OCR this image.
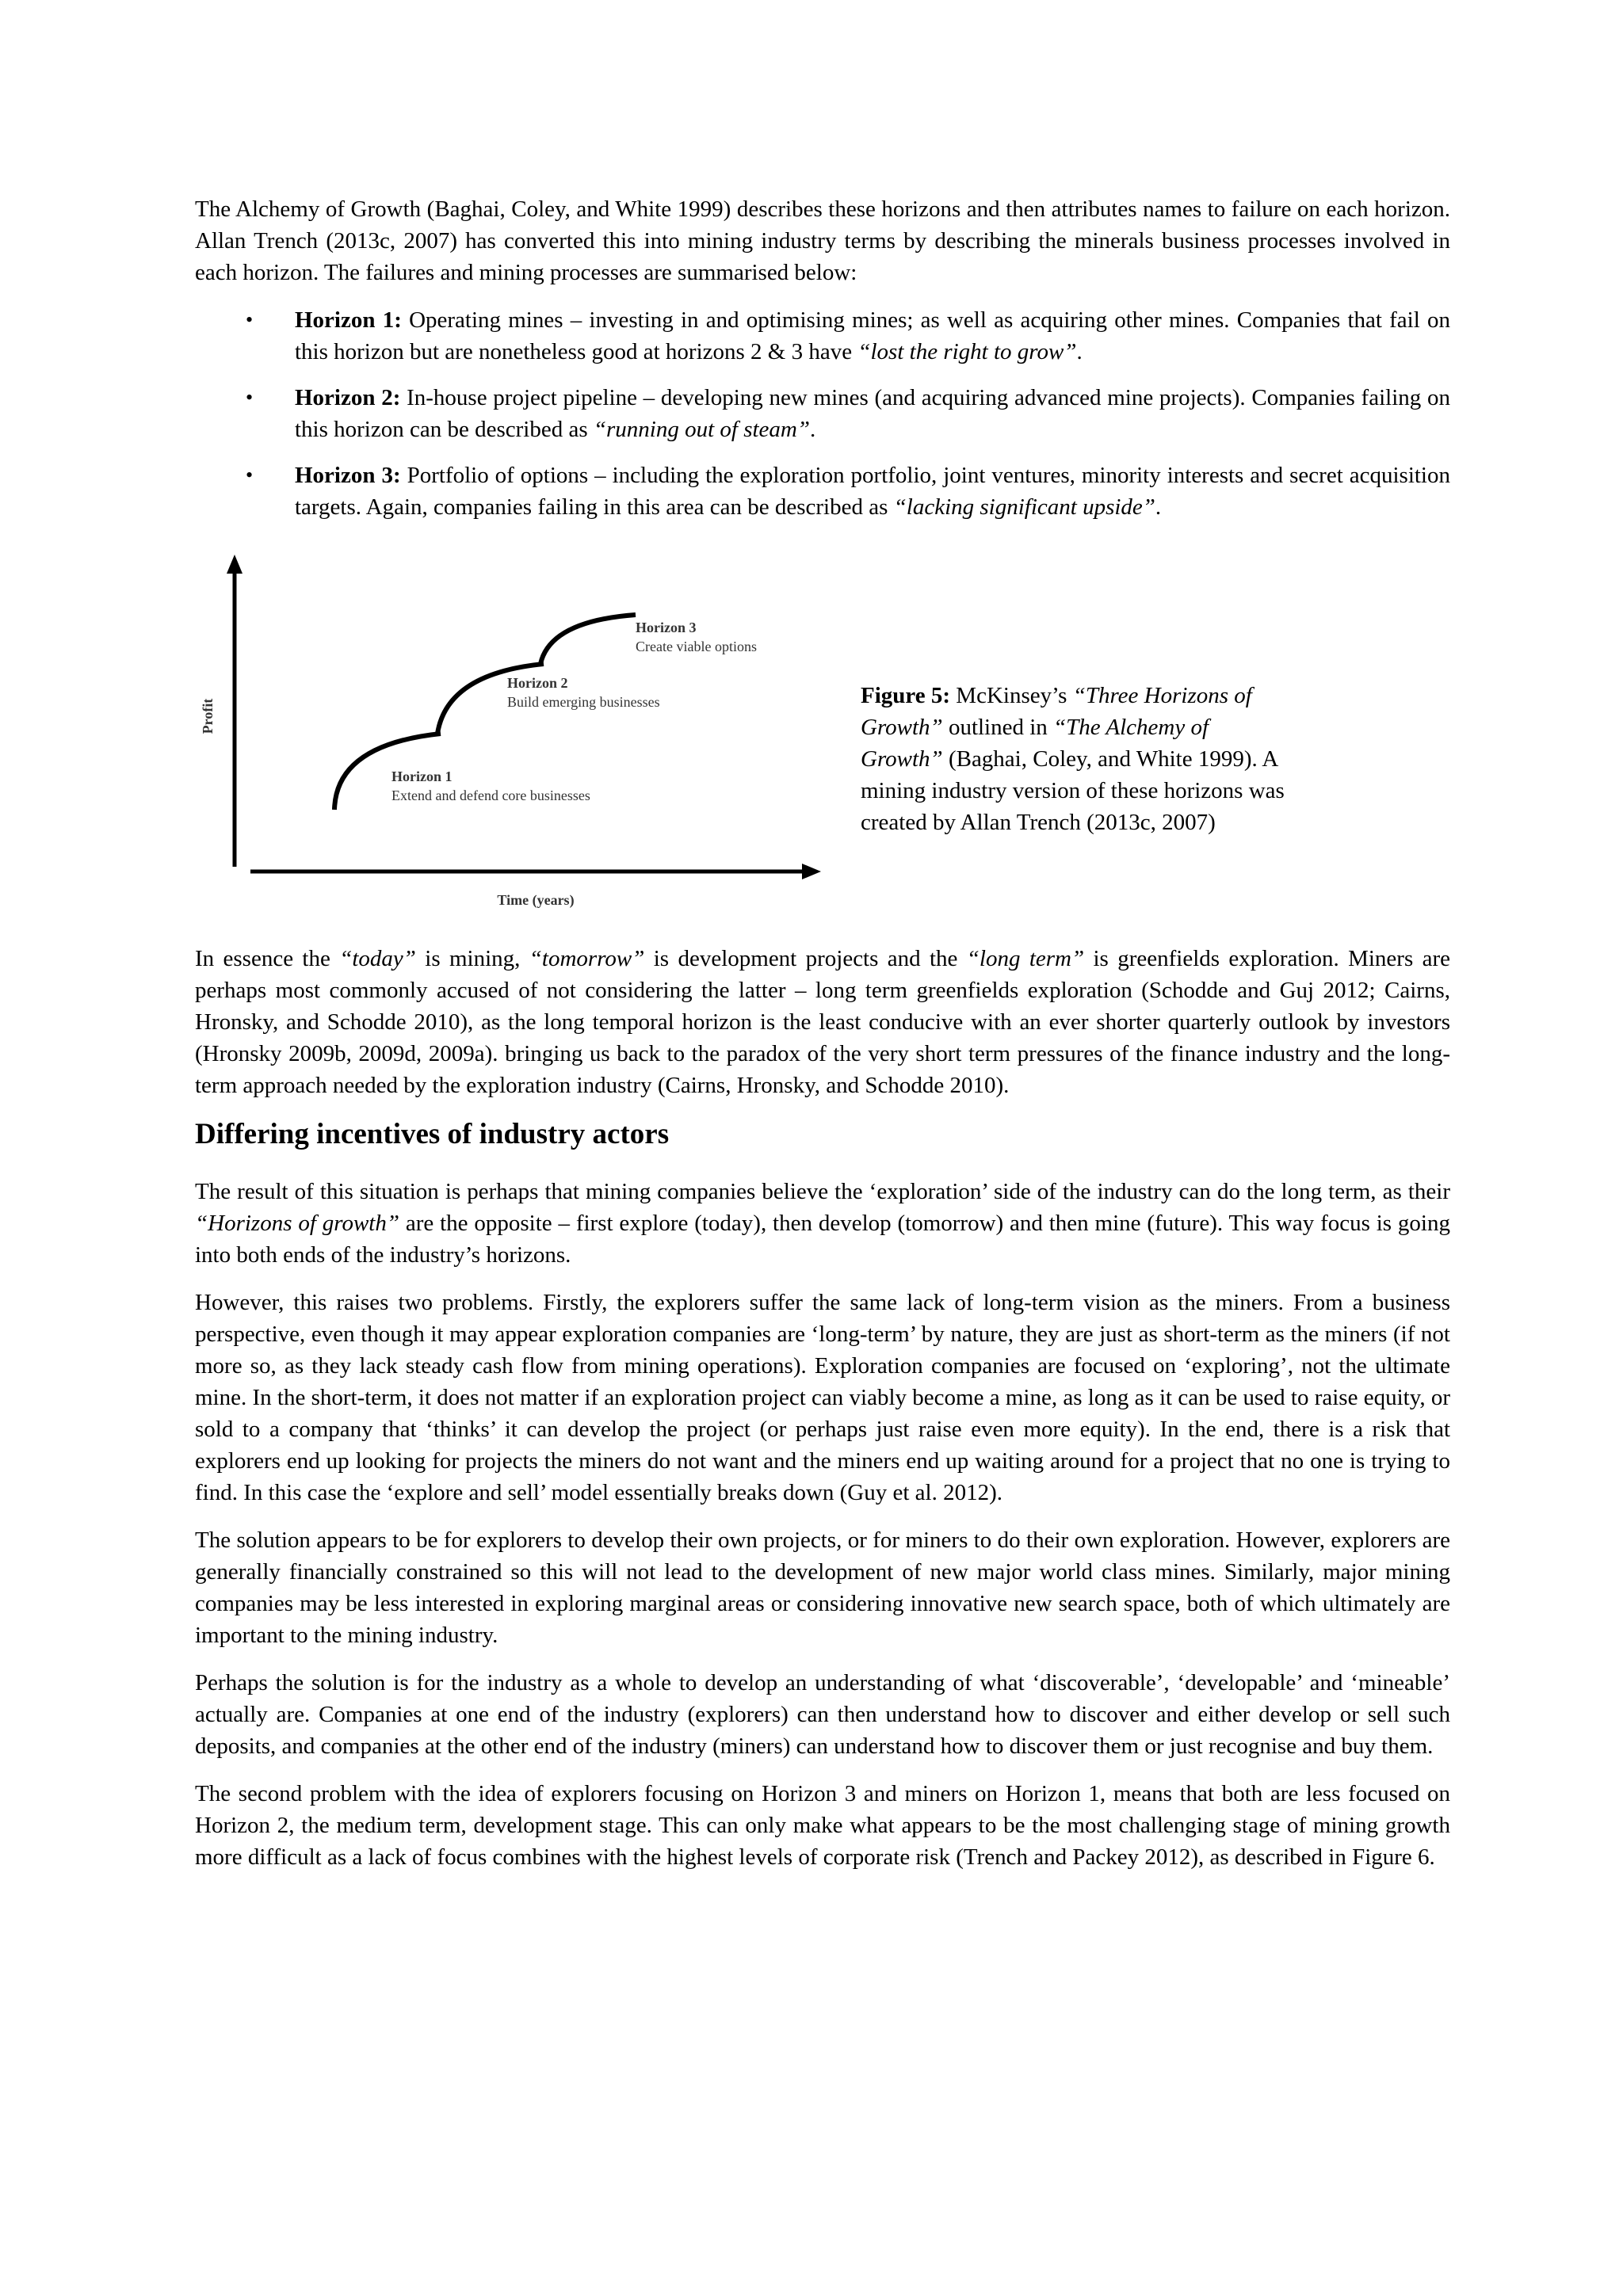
The Alchemy of Growth (Baghai, Coley, and White 1999) describes these horizons and then attributes names to failure on each horizon. Allan Trench (2013c, 2007) has converted this into mining industry terms by describing the minerals business processes involved in each horizon. The failures and mining processes are summarised below:

• Horizon 1: Operating mines – investing in and optimising mines; as well as acquiring other mines. Companies that fail on this horizon but are nonetheless good at horizons 2 & 3 have “lost the right to grow”.
• Horizon 2: In-house project pipeline – developing new mines (and acquiring advanced mine projects). Companies failing on this horizon can be described as “running out of steam”.
• Horizon 3: Portfolio of options – including the exploration portfolio, joint ventures, minority interests and secret acquisition targets. Again, companies failing in this area can be described as “lacking significant upside”.
Profit
Time (years)
Horizon 1
Extend and defend core businesses
Horizon 2
Build emerging businesses
Horizon 3
Create viable options
Figure 5: McKinsey’s “Three Horizons of Growth” outlined in “The Alchemy of Growth” (Baghai, Coley, and White 1999). A mining industry version of these horizons was created by Allan Trench (2013c, 2007)

In essence the “today” is mining, “tomorrow” is development projects and the “long term” is greenfields exploration. Miners are perhaps most commonly accused of not considering the latter – long term greenfields exploration (Schodde and Guj 2012; Cairns, Hronsky, and Schodde 2010), as the long temporal horizon is the least conducive with an ever shorter quarterly outlook by investors (Hronsky 2009b, 2009d, 2009a). bringing us back to the paradox of the very short term pressures of the finance industry and the long-term approach needed by the exploration industry (Cairns, Hronsky, and Schodde 2010).

Differing incentives of industry actors

The result of this situation is perhaps that mining companies believe the ‘exploration’ side of the industry can do the long term, as their “Horizons of growth” are the opposite – first explore (today), then develop (tomorrow) and then mine (future). This way focus is going into both ends of the industry’s horizons.

However, this raises two problems. Firstly, the explorers suffer the same lack of long-term vision as the miners. From a business perspective, even though it may appear exploration companies are ‘long-term’ by nature, they are just as short-term as the miners (if not more so, as they lack steady cash flow from mining operations). Exploration companies are focused on ‘exploring’, not the ultimate mine. In the short-term, it does not matter if an exploration project can viably become a mine, as long as it can be used to raise equity, or sold to a company that ‘thinks’ it can develop the project (or perhaps just raise even more equity). In the end, there is a risk that explorers end up looking for projects the miners do not want and the miners end up waiting around for a project that no one is trying to find. In this case the ‘explore and sell’ model essentially breaks down (Guy et al. 2012).

The solution appears to be for explorers to develop their own projects, or for miners to do their own exploration. However, explorers are generally financially constrained so this will not lead to the development of new major world class mines. Similarly, major mining companies may be less interested in exploring marginal areas or considering innovative new search space, both of which ultimately are important to the mining industry.

Perhaps the solution is for the industry as a whole to develop an understanding of what ‘discoverable’, ‘developable’ and ‘mineable’ actually are. Companies at one end of the industry (explorers) can then understand how to discover and either develop or sell such deposits, and companies at the other end of the industry (miners) can understand how to discover them or just recognise and buy them.

The second problem with the idea of explorers focusing on Horizon 3 and miners on Horizon 1, means that both are less focused on Horizon 2, the medium term, development stage. This can only make what appears to be the most challenging stage of mining growth more difficult as a lack of focus combines with the highest levels of corporate risk (Trench and Packey 2012), as described in Figure 6.
